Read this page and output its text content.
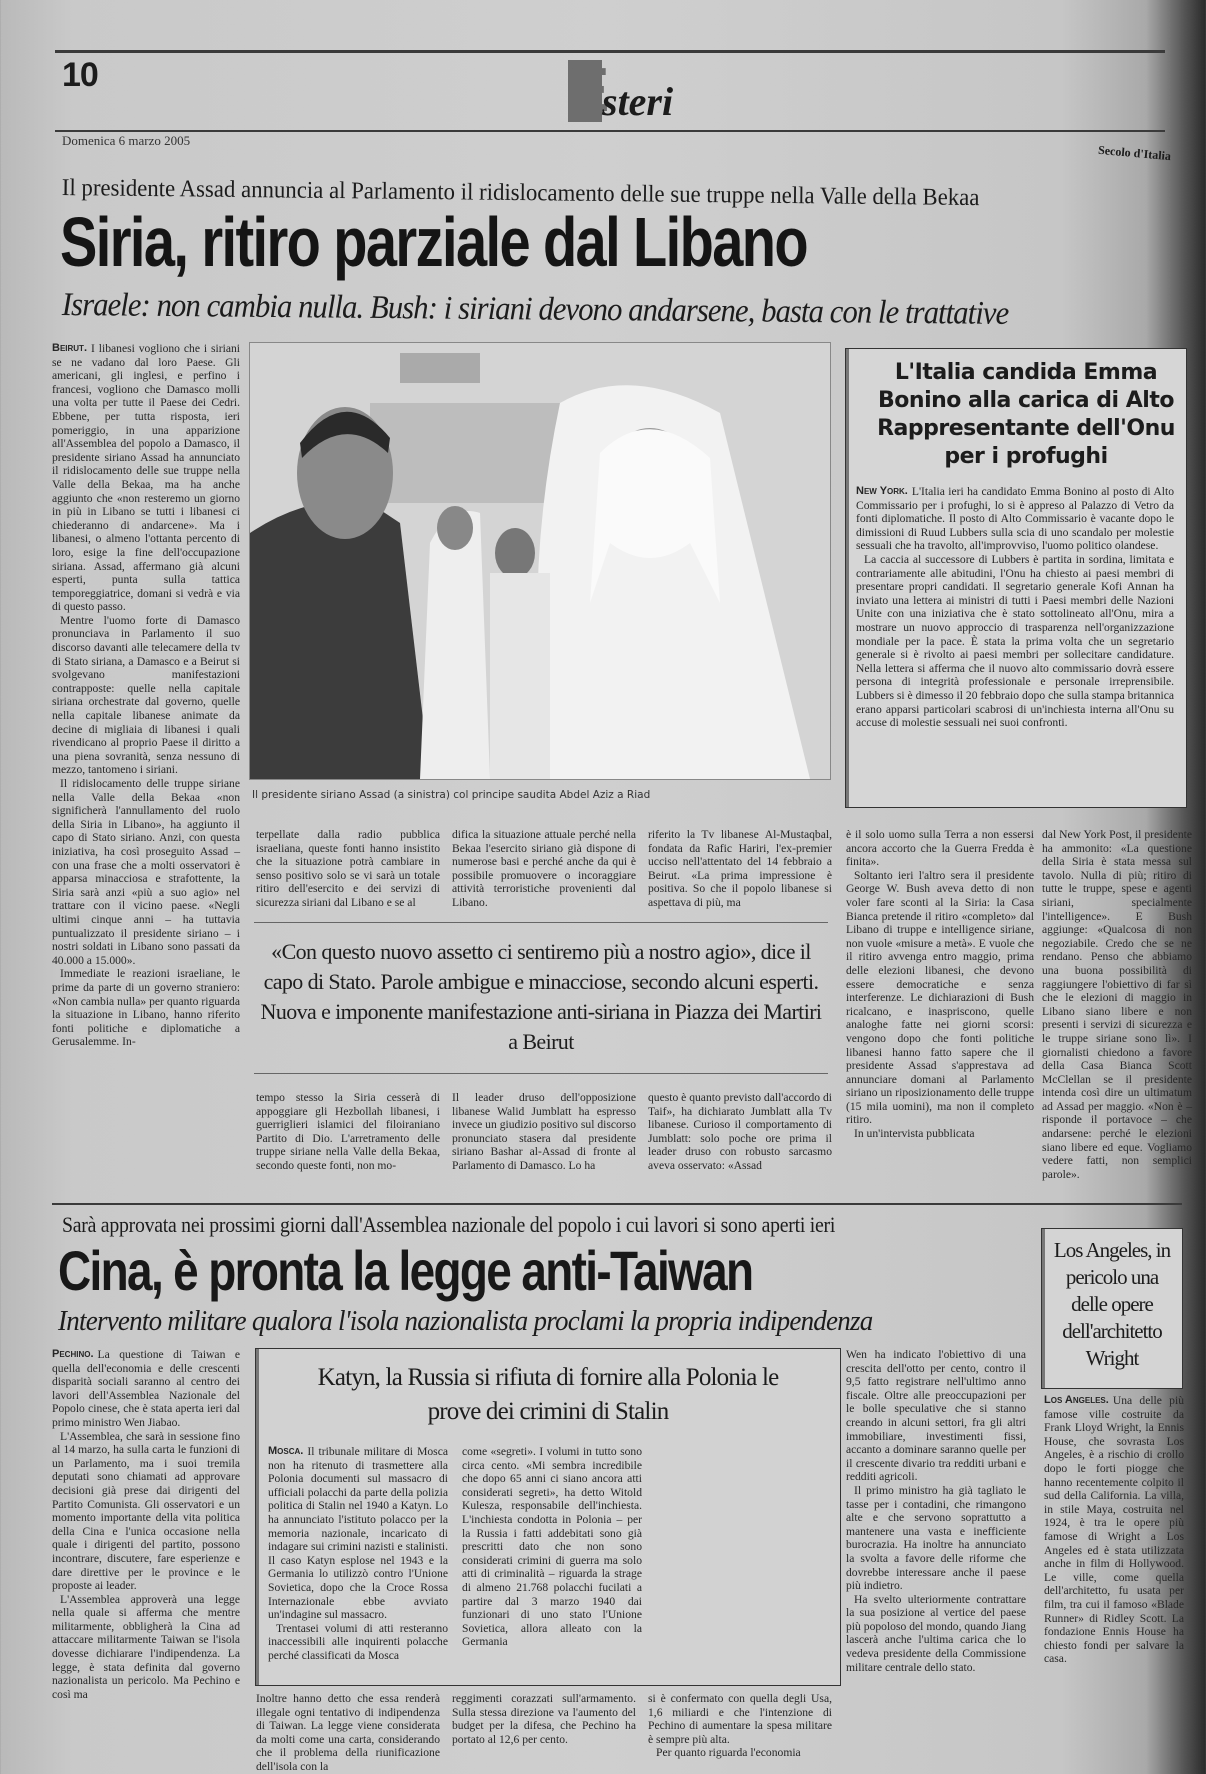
10	Esteri
Domenica 6 marzo 2005
Secolo d'Italia
Il presidente Assad annuncia al Parlamento il ridislocamento delle sue truppe nella Valle della Bekaa
Siria, ritiro parziale dal Libano
Israele: non cambia nulla. Bush: i siriani devono andarsene, basta con le trattative
Beirut. I libanesi vogliono che i siriani se ne vadano dal loro Paese. Gli americani, gli inglesi, e perfino i francesi, vogliono che Damasco molli una volta per tutte il Paese dei Cedri. Ebbene, per tutta risposta, ieri pomeriggio, in una apparizione all'Assemblea del popolo a Damasco, il presidente siriano Assad ha annunciato il ridislocamento delle sue truppe nella Valle della Bekaa, ma ha anche aggiunto che «non resteremo un giorno in più in Libano se tutti i libanesi ci chiederanno di andarcene». Ma i libanesi, o almeno l'ottanta percento di loro, esige la fine dell'occupazione siriana. Assad, affermano già alcuni esperti, punta sulla tattica temporeggiatrice, domani si vedrà e via di questo passo.

Mentre l'uomo forte di Damasco pronunciava in Parlamento il suo discorso davanti alle telecamere della tv di Stato siriana, a Damasco e a Beirut si svolgevano manifestazioni contrapposte: quelle nella capitale siriana orchestrate dal governo, quelle nella capitale libanese animate da decine di migliaia di libanesi i quali rivendicano al proprio Paese il diritto a una piena sovranità, senza nessuno di mezzo, tantomeno i siriani.

Il ridislocamento delle truppe siriane nella Valle della Bekaa «non significherà l'annullamento del ruolo della Siria in Libano», ha aggiunto il capo di Stato siriano. Anzi, con questa iniziativa, ha così proseguito Assad – con una frase che a molti osservatori è apparsa minacciosa e strafottente, la Siria sarà anzi «più a suo agio» nel trattare con il vicino paese. «Negli ultimi cinque anni – ha tuttavia puntualizzato il presidente siriano – i nostri soldati in Libano sono passati da 40.000 a 15.000».

Immediate le reazioni israeliane, le prime da parte di un governo straniero: «Non cambia nulla» per quanto riguarda la situazione in Libano, hanno riferito fonti politiche e diplomatiche a Gerusalemme. In-

Il presidente siriano Assad (a sinistra) col principe saudita Abdel Aziz a Riad
L'Italia candida Emma Bonino alla carica di Alto Rappresentante dell'Onu per i profughi
New York. L'Italia ieri ha candidato Emma Bonino al posto di Alto Commissario per i profughi, lo si è appreso al Palazzo di Vetro da fonti diplomatiche. Il posto di Alto Commissario è vacante dopo le dimissioni di Ruud Lubbers sulla scia di uno scandalo per molestie sessuali che ha travolto, all'improvviso, l'uomo politico olandese.

La caccia al successore di Lubbers è partita in sordina, limitata e contrariamente alle abitudini, l'Onu ha chiesto ai paesi membri di presentare propri candidati. Il segretario generale Kofi Annan ha inviato una lettera ai ministri di tutti i Paesi membri delle Nazioni Unite con una iniziativa che è stato sottolineato all'Onu, mira a mostrare un nuovo approccio di trasparenza nell'organizzazione mondiale per la pace. È stata la prima volta che un segretario generale si è rivolto ai paesi membri per sollecitare candidature. Nella lettera si afferma che il nuovo alto commissario dovrà essere persona di integrità professionale e personale irreprensibile. Lubbers si è dimesso il 20 febbraio dopo che sulla stampa britannica erano apparsi particolari scabrosi di un'inchiesta interna all'Onu su accuse di molestie sessuali nei suoi confronti.

terpellate dalla radio pubblica israeliana, queste fonti hanno insistito che la situazione potrà cambiare in senso positivo solo se vi sarà un totale ritiro dell'esercito e dei servizi di sicurezza siriani dal Libano e se al

difica la situazione attuale perché nella Bekaa l'esercito siriano già dispone di numerose basi e perché anche da qui è possibile promuovere o incoraggiare attività terroristiche provenienti dal Libano.

riferito la Tv libanese Al-Mustaqbal, fondata da Rafic Hariri, l'ex-premier ucciso nell'attentato del 14 febbraio a Beirut. «La prima impressione è positiva. So che il popolo libanese si aspettava di più, ma

è il solo uomo sulla Terra a non essersi ancora accorto che la Guerra Fredda è finita».

Soltanto ieri l'altro sera il presidente George W. Bush aveva detto di non voler fare sconti al la Siria: la Casa Bianca pretende il ritiro «completo» dal Libano di truppe e intelligence siriane, non vuole «misure a metà». E vuole che il ritiro avvenga entro maggio, prima delle elezioni libanesi, che devono essere democratiche e senza interferenze. Le dichiarazioni di Bush ricalcano, e inaspriscono, quelle analoghe fatte nei giorni scorsi: vengono dopo che fonti politiche libanesi hanno fatto sapere che il presidente Assad s'apprestava ad annunciare domani al Parlamento siriano un riposizionamento delle truppe (15 mila uomini), ma non il completo ritiro.

In un'intervista pubblicata

dal New York Post, il presidente ha ammonito: «La questione della Siria è stata messa sul tavolo. Nulla di più; ritiro di tutte le truppe, spese e agenti siriani, specialmente l'intelligence». E Bush aggiunge: «Qualcosa di non negoziabile. Credo che se ne rendano. Penso che abbiamo una buona possibilità di raggiungere l'obiettivo di far sì che le elezioni di maggio in Libano siano libere e non presenti i servizi di sicurezza e le truppe siriane sono lì». I giornalisti chiedono a favore della Casa Bianca Scott McClellan se il presidente intenda così dire un ultimatum ad Assad per maggio. «Non è – risponde il portavoce – che andarsene: perché le elezioni siano libere ed eque. Vogliamo vedere fatti, non semplici parole».

«Con questo nuovo assetto ci sentiremo più a nostro agio», dice il capo di Stato. Parole ambigue e minacciose, secondo alcuni esperti. Nuova e imponente manifestazione anti-siriana in Piazza dei Martiri a Beirut

tempo stesso la Siria cesserà di appoggiare gli Hezbollah libanesi, i guerriglieri islamici del filoiraniano Partito di Dio. L'arretramento delle truppe siriane nella Valle della Bekaa, secondo queste fonti, non mo-

Il leader druso dell'opposizione libanese Walid Jumblatt ha espresso invece un giudizio positivo sul discorso pronunciato stasera dal presidente siriano Bashar al-Assad di fronte al Parlamento di Damasco. Lo ha

questo è quanto previsto dall'accordo di Taif», ha dichiarato Jumblatt alla Tv libanese. Curioso il comportamento di Jumblatt: solo poche ore prima il leader druso con robusto sarcasmo aveva osservato: «Assad

Sarà approvata nei prossimi giorni dall'Assemblea nazionale del popolo i cui lavori si sono aperti ieri
Cina, è pronta la legge anti-Taiwan
Intervento militare qualora l'isola nazionalista proclami la propria indipendenza
Pechino. La questione di Taiwan e quella dell'economia e delle crescenti disparità sociali saranno al centro dei lavori dell'Assemblea Nazionale del Popolo cinese, che è stata aperta ieri dal primo ministro Wen Jiabao.

L'Assemblea, che sarà in sessione fino al 14 marzo, ha sulla carta le funzioni di un Parlamento, ma i suoi tremila deputati sono chiamati ad approvare decisioni già prese dai dirigenti del Partito Comunista. Gli osservatori e un momento importante della vita politica della Cina e l'unica occasione nella quale i dirigenti del partito, possono incontrare, discutere, fare esperienze e dare direttive per le province e le proposte ai leader.

L'Assemblea approverà una legge nella quale si afferma che mentre militarmente, obbligherà la Cina ad attaccare militarmente Taiwan se l'isola dovesse dichiarare l'indipendenza. La legge, è stata definita dal governo nazionalista un pericolo. Ma Pechino e così ma

Katyn, la Russia si rifiuta di fornire alla Polonia le prove dei crimini di Stalin
Mosca. Il tribunale militare di Mosca non ha ritenuto di trasmettere alla Polonia documenti sul massacro di ufficiali polacchi da parte della polizia politica di Stalin nel 1940 a Katyn. Lo ha annunciato l'istituto polacco per la memoria nazionale, incaricato di indagare sui crimini nazisti e stalinisti. Il caso Katyn esplose nel 1943 e la Germania lo utilizzò contro l'Unione Sovietica, dopo che la Croce Rossa Internazionale ebbe avviato un'indagine sul massacro.

Trentasei volumi di atti resteranno inaccessibili alle inquirenti polacche perché classificati da Mosca

come «segreti». I volumi in tutto sono circa cento. «Mi sembra incredibile che dopo 65 anni ci siano ancora atti considerati segreti», ha detto Witold Kulesza, responsabile dell'inchiesta. L'inchiesta condotta in Polonia – per la Russia i fatti addebitati sono già prescritti dato che non sono considerati crimini di guerra ma solo atti di criminalità – riguarda la strage di almeno 21.768 polacchi fucilati a partire dal 3 marzo 1940 dai funzionari di uno stato l'Unione Sovietica, allora alleato con la Germania

Inoltre hanno detto che essa renderà illegale ogni tentativo di indipendenza di Taiwan. La legge viene considerata da molti come una carta, considerando che il problema della riunificazione dell'isola con la

reggimenti corazzati sull'armamento. Sulla stessa direzione va l'aumento del budget per la difesa, che Pechino ha portato al 12,6 per cento.

si è confermato con quella degli Usa, 1,6 miliardi e che l'intenzione di Pechino di aumentare la spesa militare è sempre più alta.

Per quanto riguarda l'economia

Wen ha indicato l'obiettivo di una crescita dell'otto per cento, contro il 9,5 fatto registrare nell'ultimo anno fiscale. Oltre alle preoccupazioni per le bolle speculative che si stanno creando in alcuni settori, fra gli altri immobiliare, investimenti fissi, accanto a dominare saranno quelle per il crescente divario tra redditi urbani e redditi agricoli.

Il primo ministro ha già tagliato le tasse per i contadini, che rimangono alte e che servono soprattutto a mantenere una vasta e inefficiente burocrazia. Ha inoltre ha annunciato la svolta a favore delle riforme che dovrebbe interessare anche il paese più indietro.

Ha svelto ulteriormente contrattare la sua posizione al vertice del paese più popoloso del mondo, quando Jiang lascerà anche l'ultima carica che lo vedeva presidente della Commissione militare centrale dello stato.

Los Angeles, in pericolo una delle opere dell'architetto Wright
Los Angeles. Una delle più famose ville costruite da Frank Lloyd Wright, la Ennis House, che sovrasta Los Angeles, è a rischio di crollo dopo le forti piogge che hanno recentemente colpito il sud della California. La villa, in stile Maya, costruita nel 1924, è tra le opere più famose di Wright a Los Angeles ed è stata utilizzata anche in film di Hollywood. Le ville, come quella dell'architetto, fu usata per film, tra cui il famoso «Blade Runner» di Ridley Scott. La fondazione Ennis House ha chiesto fondi per salvare la casa.
